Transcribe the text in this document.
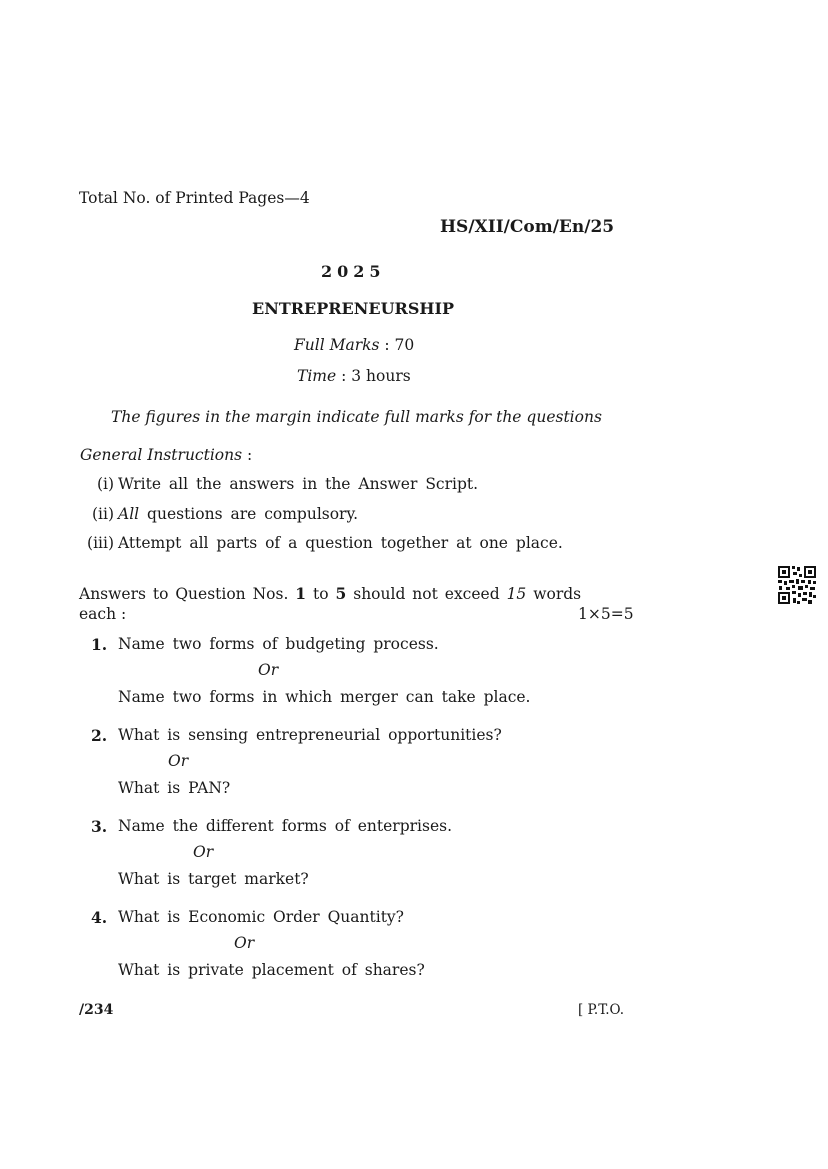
Total No. of Printed Pages—4
HS/XII/Com/En/25
2025
ENTREPRENEURSHIP
Full Marks : 70
Time : 3 hours
The figures in the margin indicate full marks for the questions
General Instructions :
(i) Write all the answers in the Answer Script.
(ii) All questions are compulsory.
(iii) Attempt all parts of a question together at one place.
Answers to Question Nos. 1 to 5 should not exceed 15 words
each :	1×5=5
1. Name two forms of budgeting process.
Or
Name two forms in which merger can take place.
2. What is sensing entrepreneurial opportunities?
Or
What is PAN?
3. Name the different forms of enterprises.
Or
What is target market?
4. What is Economic Order Quantity?
Or
What is private placement of shares?
/234	[ P.T.O.
